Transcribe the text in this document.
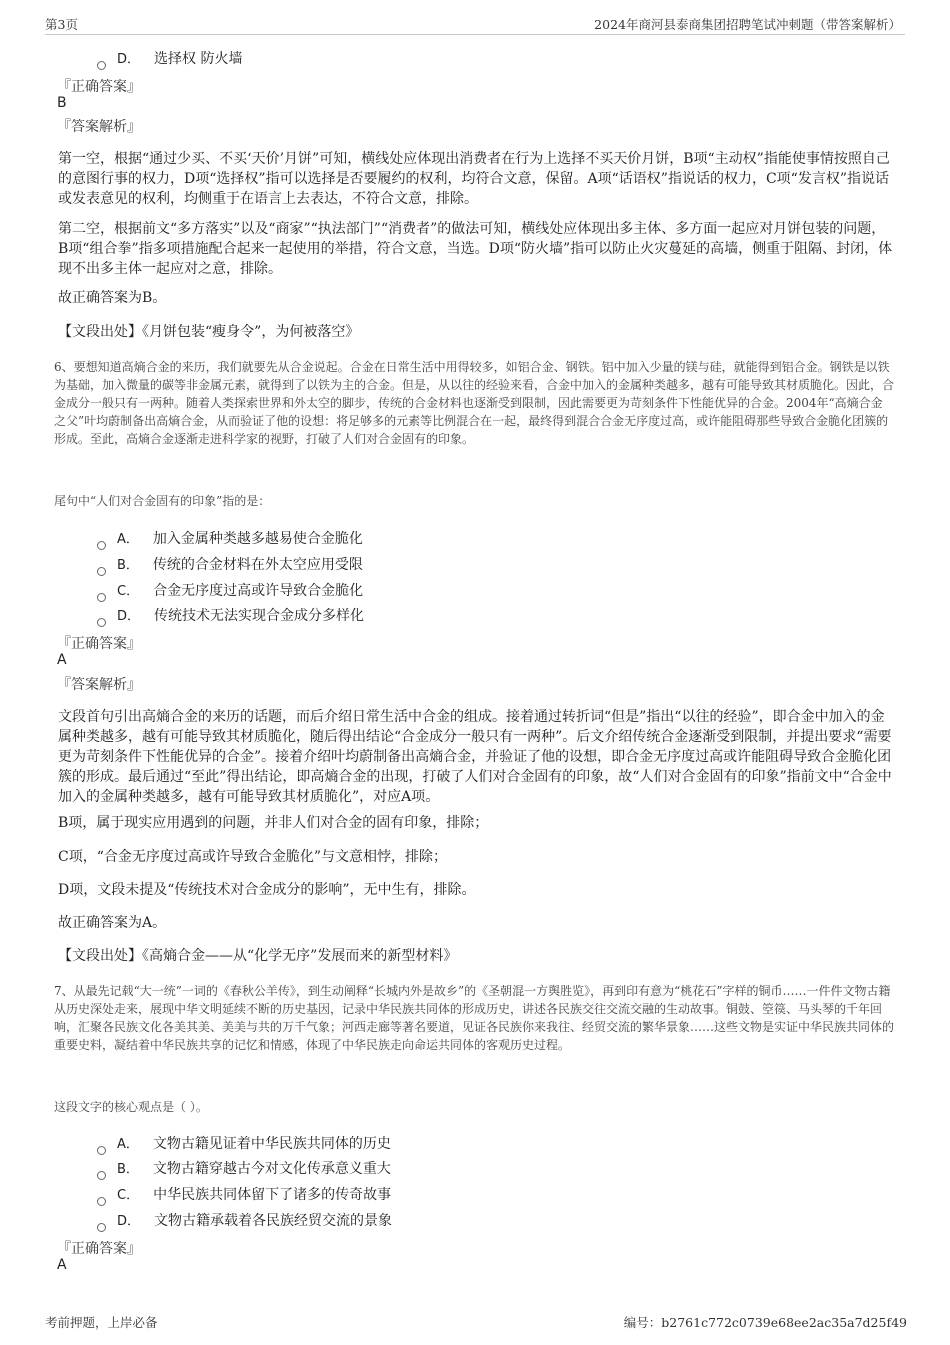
第3页	2024年商河县泰商集团招聘笔试冲刺题（带答案解析）
D． 选择权 防火墙
『正确答案』
B
『答案解析』

第一空，根据“通过少买、不买‘天价’月饼”可知，横线处应体现出消费者在行为上选择不买天价月饼，B项“主动权”指能使事情按照自己的意图行事的权力，D项“选择权”指可以选择是否要履约的权利，均符合文意，保留。A项“话语权”指说话的权力，C项“发言权”指说话或发表意见的权利，均侧重于在语言上去表达，不符合文意，排除。

第二空，根据前文“多方落实”以及“商家”“执法部门”“消费者”的做法可知，横线处应体现出多主体、多方面一起应对月饼包装的问题，B项“组合拳”指多项措施配合起来一起使用的举措，符合文意，当选。D项“防火墙”指可以防止火灾蔓延的高墙，侧重于阻隔、封闭，体现不出多主体一起应对之意，排除。

故正确答案为B。

【文段出处】《月饼包装“瘦身令”，为何被落空》

6、要想知道高熵合金的来历，我们就要先从合金说起。合金在日常生活中用得较多，如铝合金、钢铁。铝中加入少量的镁与硅，就能得到铝合金。钢铁是以铁为基础，加入微量的碳等非金属元素，就得到了以铁为主的合金。但是，从以往的经验来看，合金中加入的金属种类越多，越有可能导致其材质脆化。因此，合金成分一般只有一两种。随着人类探索世界和外太空的脚步，传统的合金材料也逐渐受到限制，因此需要更为苛刻条件下性能优异的合金。2004年“高熵合金之父”叶均蔚制备出高熵合金，从而验证了他的设想：将足够多的元素等比例混合在一起，最终得到混合合金无序度过高，或许能阻碍那些导致合金脆化团簇的形成。至此，高熵合金逐渐走进科学家的视野，打破了人们对合金固有的印象。

尾句中“人们对合金固有的印象”指的是：
A． 加入金属种类越多越易使合金脆化
B． 传统的合金材料在外太空应用受限
C． 合金无序度过高或许导致合金脆化
D． 传统技术无法实现合金成分多样化
『正确答案』
A
『答案解析』

文段首句引出高熵合金的来历的话题，而后介绍日常生活中合金的组成。接着通过转折词“但是”指出“以往的经验”，即合金中加入的金属种类越多，越有可能导致其材质脆化，随后得出结论“合金成分一般只有一两种”。后文介绍传统合金逐渐受到限制，并提出要求“需要更为苛刻条件下性能优异的合金”。接着介绍叶均蔚制备出高熵合金，并验证了他的设想，即合金无序度过高或许能阻碍导致合金脆化团簇的形成。最后通过“至此”得出结论，即高熵合金的出现，打破了人们对合金固有的印象，故“人们对合金固有的印象”指前文中“合金中加入的金属种类越多，越有可能导致其材质脆化”，对应A项。

B项，属于现实应用遇到的问题，并非人们对合金的固有印象，排除；

C项，“合金无序度过高或许导致合金脆化”与文意相悖，排除；

D项，文段未提及“传统技术对合金成分的影响”，无中生有，排除。

故正确答案为A。

【文段出处】《高熵合金——从“化学无序”发展而来的新型材料》

7、从最先记载“大一统”一词的《春秋公羊传》，到生动阐释“长城内外是故乡”的《圣朝混一方舆胜览》，再到印有意为“桃花石”字样的铜币……一件件文物古籍从历史深处走来，展现中华文明延续不断的历史基因，记录中华民族共同体的形成历史，讲述各民族交往交流交融的生动故事。铜鼓、箜篌、马头琴的千年回响，汇聚各民族文化各美其美、美美与共的万千气象；河西走廊等著名要道，见证各民族你来我往、经贸交流的繁华景象……这些文物是实证中华民族共同体的重要史料，凝结着中华民族共享的记忆和情感，体现了中华民族走向命运共同体的客观历史过程。

这段文字的核心观点是（ ）。
A． 文物古籍见证着中华民族共同体的历史
B． 文物古籍穿越古今对文化传承意义重大
C． 中华民族共同体留下了诸多的传奇故事
D． 文物古籍承载着各民族经贸交流的景象
『正确答案』
A
考前押题，上岸必备	编号：b2761c772c0739e68ee2ac35a7d25f49
